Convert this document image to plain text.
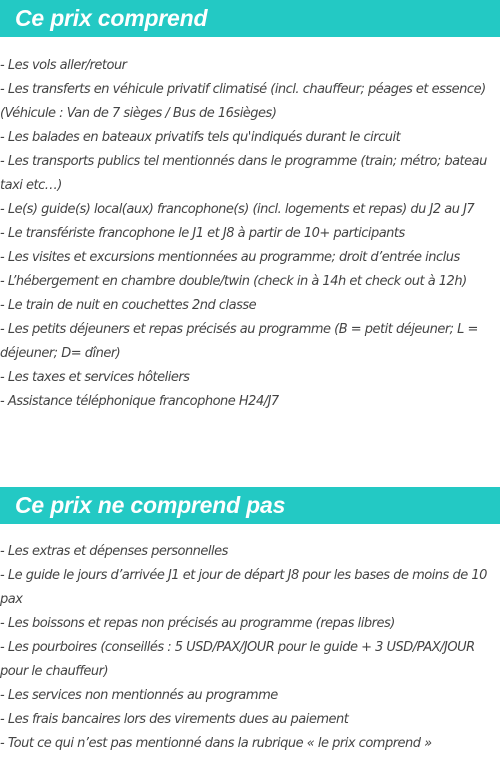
Ce prix comprend
- Les vols aller/retour
- Les transferts en véhicule privatif climatisé (incl. chauffeur; péages et essence) (Véhicule : Van de 7 sièges / Bus de 16sièges)
- Les balades en bateaux privatifs tels qu'indiqués durant le circuit
- Les transports publics tel mentionnés dans le programme (train; métro; bateau taxi etc…)
- Le(s) guide(s) local(aux) francophone(s) (incl. logements et repas) du J2 au J7
- Le transfériste francophone le J1 et J8 à partir de 10+ participants
- Les visites et excursions mentionnées au programme; droit d’entrée inclus
- L’hébergement en chambre double/twin (check in à 14h et check out à 12h)
- Le train de nuit en couchettes 2nd classe
- Les petits déjeuners et repas précisés au programme (B = petit déjeuner; L = déjeuner; D= dîner)
- Les taxes et services hôteliers
- Assistance téléphonique francophone H24/J7
Ce prix ne comprend pas
- Les extras et dépenses personnelles
- Le guide le jours d’arrivée J1 et jour de départ J8 pour les bases de moins de 10 pax
- Les boissons et repas non précisés au programme (repas libres)
- Les pourboires (conseillés : 5 USD/PAX/JOUR pour le guide + 3 USD/PAX/JOUR pour le chauffeur)
- Les services non mentionnés au programme
- Les frais bancaires lors des virements dues au paiement
- Tout ce qui n’est pas mentionné dans la rubrique « le prix comprend »
